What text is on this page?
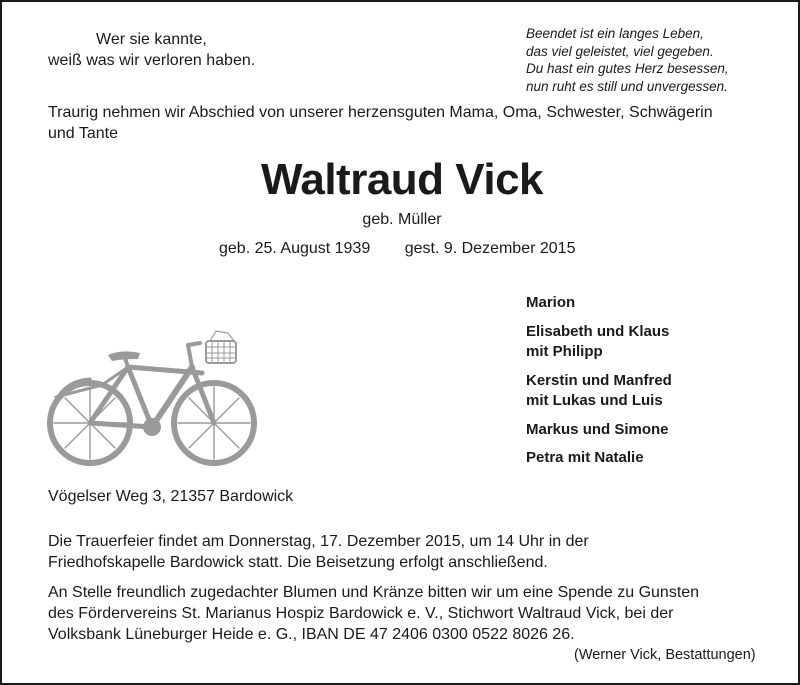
Wer sie kannte,
weiß was wir verloren haben.
Beendet ist ein langes Leben,
das viel geleistet, viel gegeben.
Du hast ein gutes Herz besessen,
nun ruht es still und unvergessen.
Traurig nehmen wir Abschied von unserer herzensguten Mama, Oma, Schwester, Schwägerin
und Tante
Waltraud Vick
geb. Müller
geb. 25. August 1939 gest. 9. Dezember 2015
Marion
Elisabeth und Klaus
mit Philipp
Kerstin und Manfred
mit Lukas und Luis
Markus und Simone
Petra mit Natalie
Vögelser Weg 3, 21357 Bardowick
Die Trauerfeier findet am Donnerstag, 17. Dezember 2015, um 14 Uhr in der
Friedhofskapelle Bardowick statt. Die Beisetzung erfolgt anschließend.
An Stelle freundlich zugedachter Blumen und Kränze bitten wir um eine Spende zu Gunsten
des Fördervereins St. Marianus Hospiz Bardowick e. V., Stichwort Waltraud Vick, bei der
Volksbank Lüneburger Heide e. G., IBAN DE 47 2406 0300 0522 8026 26.
(Werner Vick, Bestattungen)
